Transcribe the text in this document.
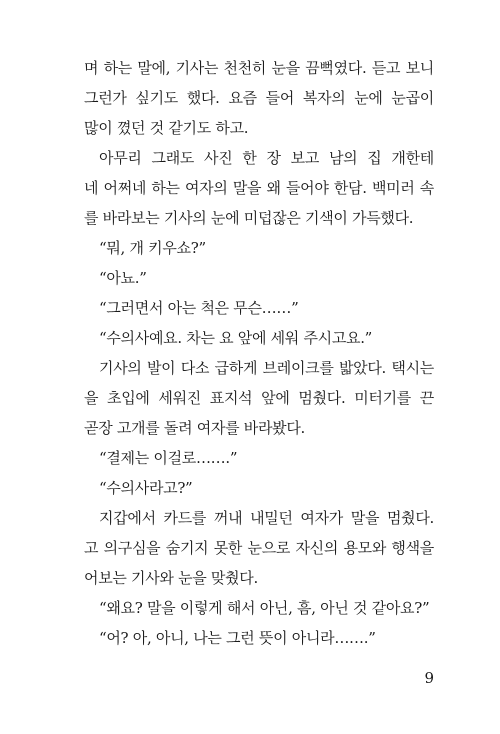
며 하는 말에, 기사는 천천히 눈을 끔뻑였다. 듣고 보니
그런가 싶기도 했다. 요즘 들어 복자의 눈에 눈곱이
많이 꼈던 것 같기도 하고.
아무리 그래도 사진 한 장 보고 남의 집 개한테
네 어쩌네 하는 여자의 말을 왜 들어야 한담. 백미러 속
를 바라보는 기사의 눈에 미덥잖은 기색이 가득했다.
“뭐, 개 키우쇼?”
“아뇨.”
“그러면서 아는 척은 무슨……”
“수의사예요. 차는 요 앞에 세워 주시고요.”
기사의 발이 다소 급하게 브레이크를 밟았다. 택시는
을 초입에 세워진 표지석 앞에 멈췄다. 미터기를 끈
곧장 고개를 돌려 여자를 바라봤다.
“결제는 이걸로…….”
“수의사라고?”
지갑에서 카드를 꺼내 내밀던 여자가 말을 멈췄다.
고 의구심을 숨기지 못한 눈으로 자신의 용모와 행색을
어보는 기사와 눈을 맞췄다.
“왜요? 말을 이렇게 해서 아닌, 흠, 아닌 것 같아요?”
“어? 아, 아니, 나는 그런 뜻이 아니라…….”
9
